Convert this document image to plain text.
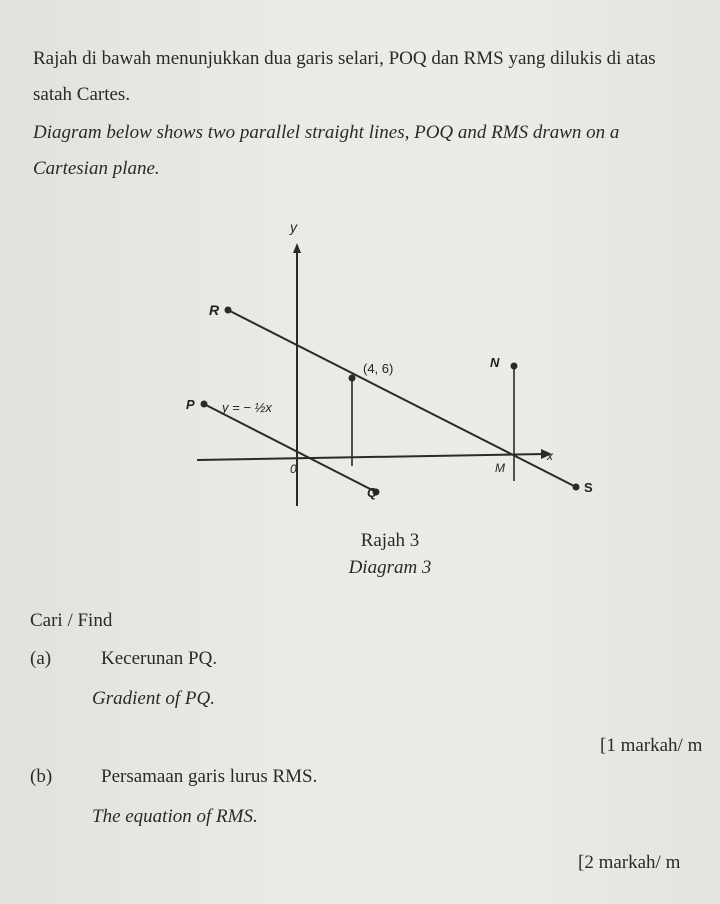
Rajah di bawah menunjukkan dua garis selari, POQ dan RMS yang dilukis di atas
satah Cartes.
Diagram below shows two parallel straight lines, POQ and RMS drawn on a
Cartesian plane.
y
x
0
R
P
Q
N
M
S
(4, 6)
y = − ½x
Rajah 3
Diagram 3
Cari / Find
(a)	Kecerunan PQ.
Gradient of PQ.
[1 markah/ m
(b)	Persamaan garis lurus RMS.
The equation of RMS.
[2 markah/ m
